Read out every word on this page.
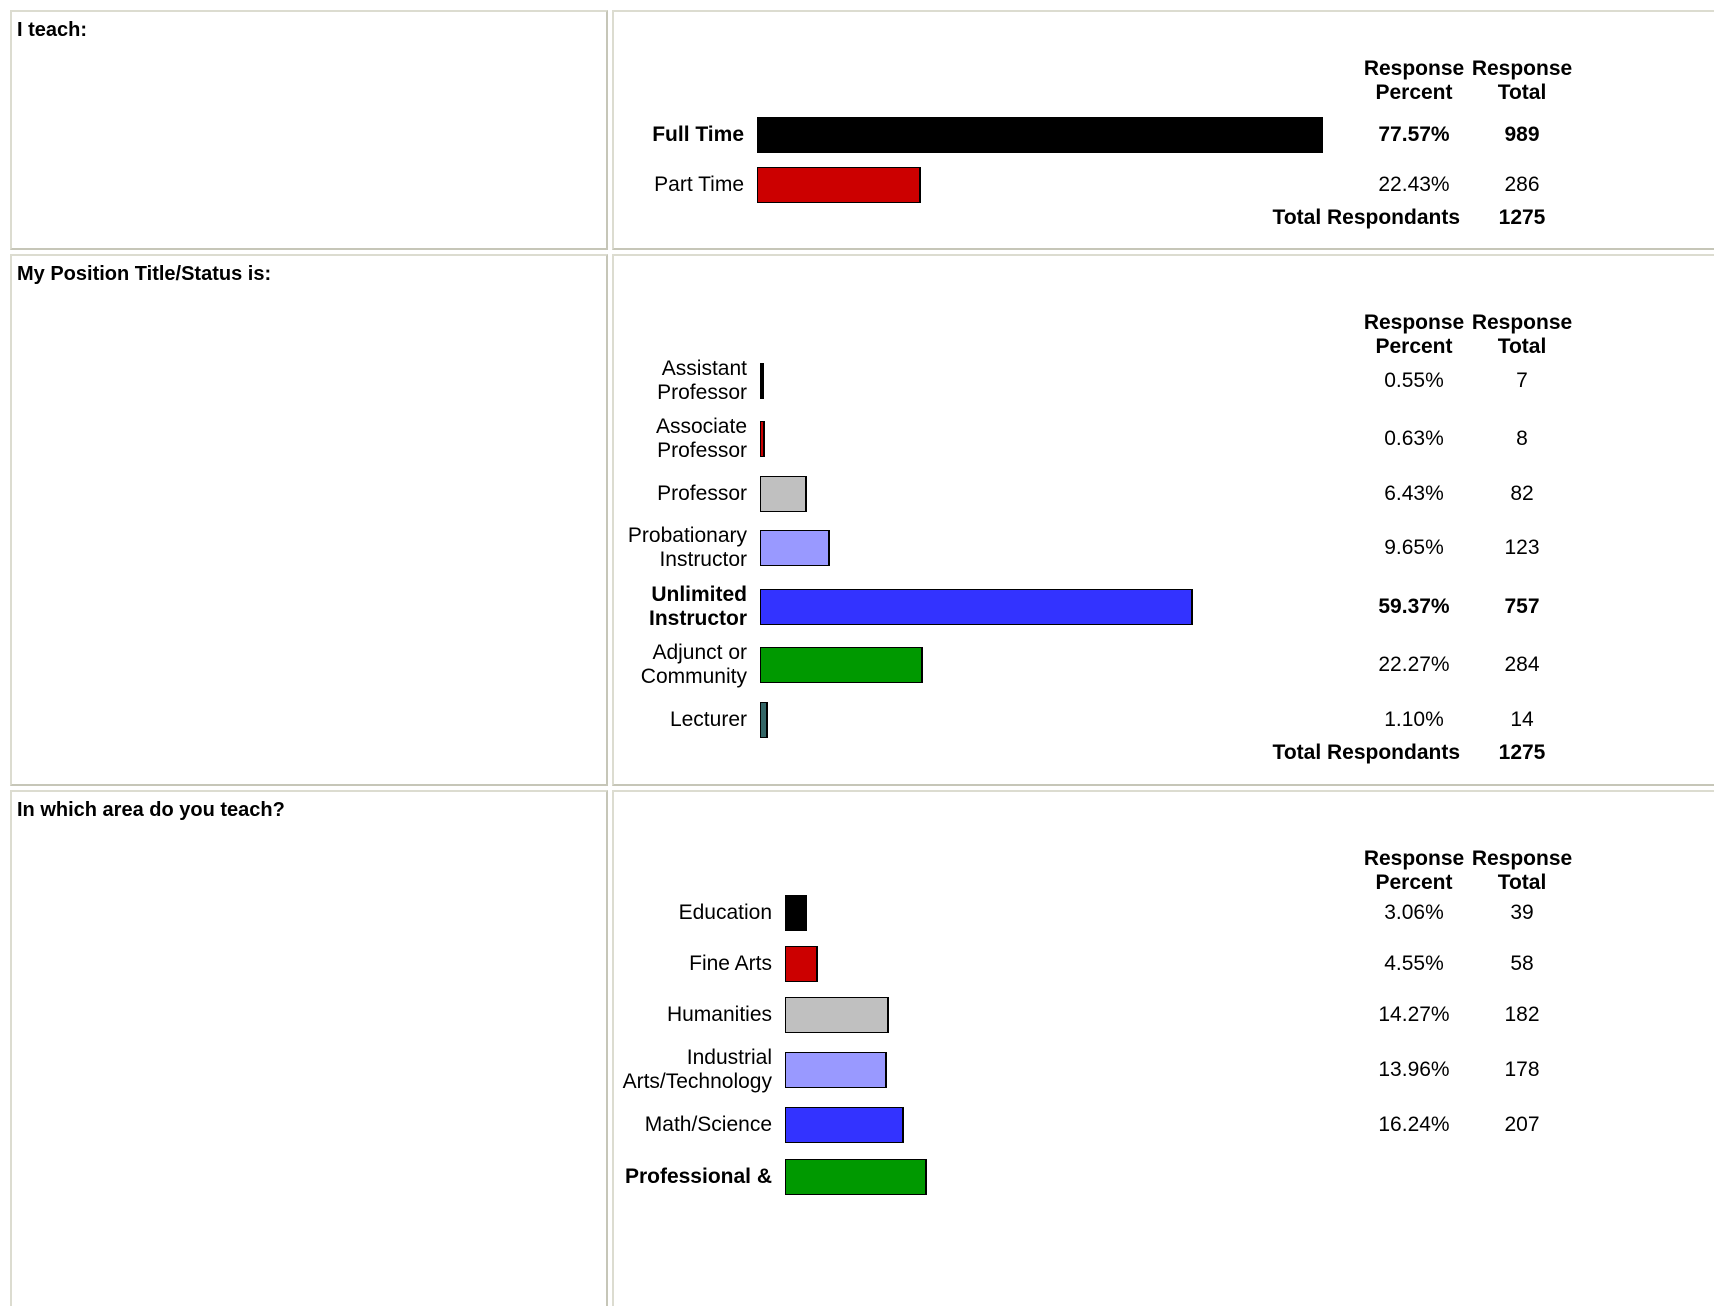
I teach:
Response
Percent
Response
Total
Full Time	77.57%	989
Part Time	22.43%	286
Total Respondants	1275
My Position Title/Status is:
Response
Percent
Response
Total
Assistant
Professor
0.55%	7
Associate
Professor
0.63%	8
Professor	6.43%	82
Probationary
Instructor
9.65%	123
Unlimited
Instructor
59.37%	757
Adjunct or
Community
22.27%	284
Lecturer	1.10%	14
Total Respondants	1275
In which area do you teach?
Response
Percent
Response
Total
Education	3.06%	39
Fine Arts	4.55%	58
Humanities	14.27%	182
Industrial
Arts/Technology
13.96%	178
Math/Science	16.24%	207
Professional &
